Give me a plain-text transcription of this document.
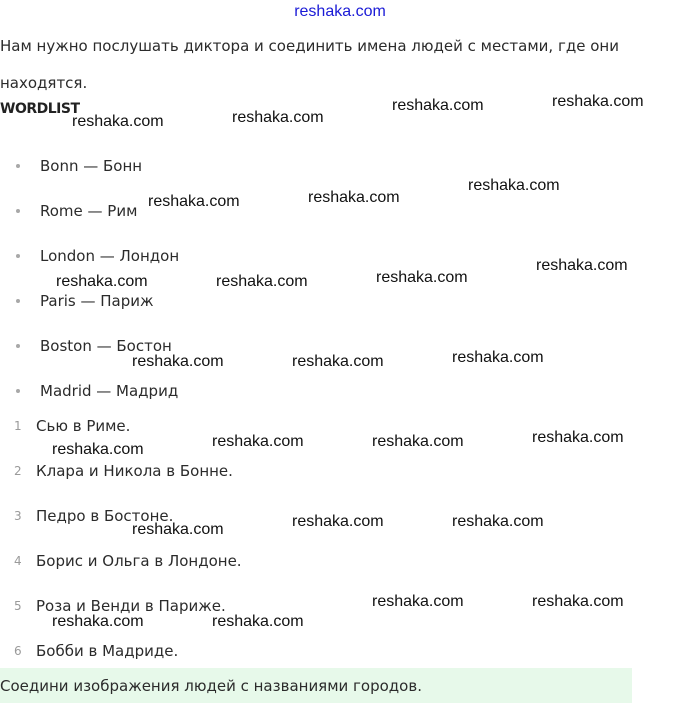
reshaka.com
Нам нужно послушать диктора и соединить имена людей с местами, где они находятся.
WORDLIST
Bonn — Бонн
Rome — Рим
London — Лондон
Paris — Париж
Boston — Бостон
Madrid — Мадрид
1 Сью в Риме.
2 Клара и Никола в Бонне.
3 Педро в Бостоне.
4 Борис и Ольга в Лондоне.
5 Роза и Венди в Париже.
6 Бобби в Мадриде.
Соедини изображения людей с названиями городов.
reshaka.com	reshaka.com
reshaka.com	reshaka.com
reshaka.com	reshaka.com
reshaka.com
reshaka.com	reshaka.com	reshaka.com
reshaka.com
reshaka.com	reshaka.com	reshaka.com
reshaka.com	reshaka.com	reshaka.com	reshaka.com
reshaka.com	reshaka.com	reshaka.com
reshaka.com	reshaka.com
reshaka.com	reshaka.com
